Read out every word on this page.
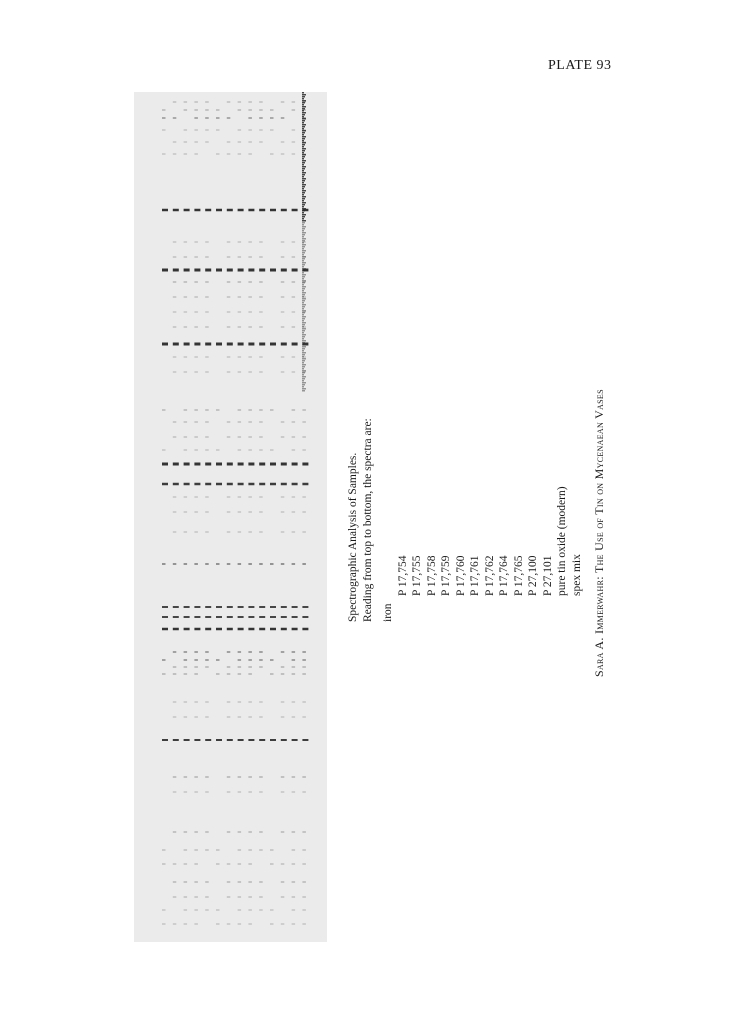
PLATE 93
Spectrographic Analysis of Samples. Reading from top to bottom, the spectra are: iron
P 17,754 P 17,755 P 17,758 P 17,759 P 17,760 P 17,761 P 17,762 P 17,764 P 17,765 P 27,100 P 27,101 pure tin oxide (modern) spex mix Sara A. Immerwahr: The Use of Tin on Mycenaean Vases
